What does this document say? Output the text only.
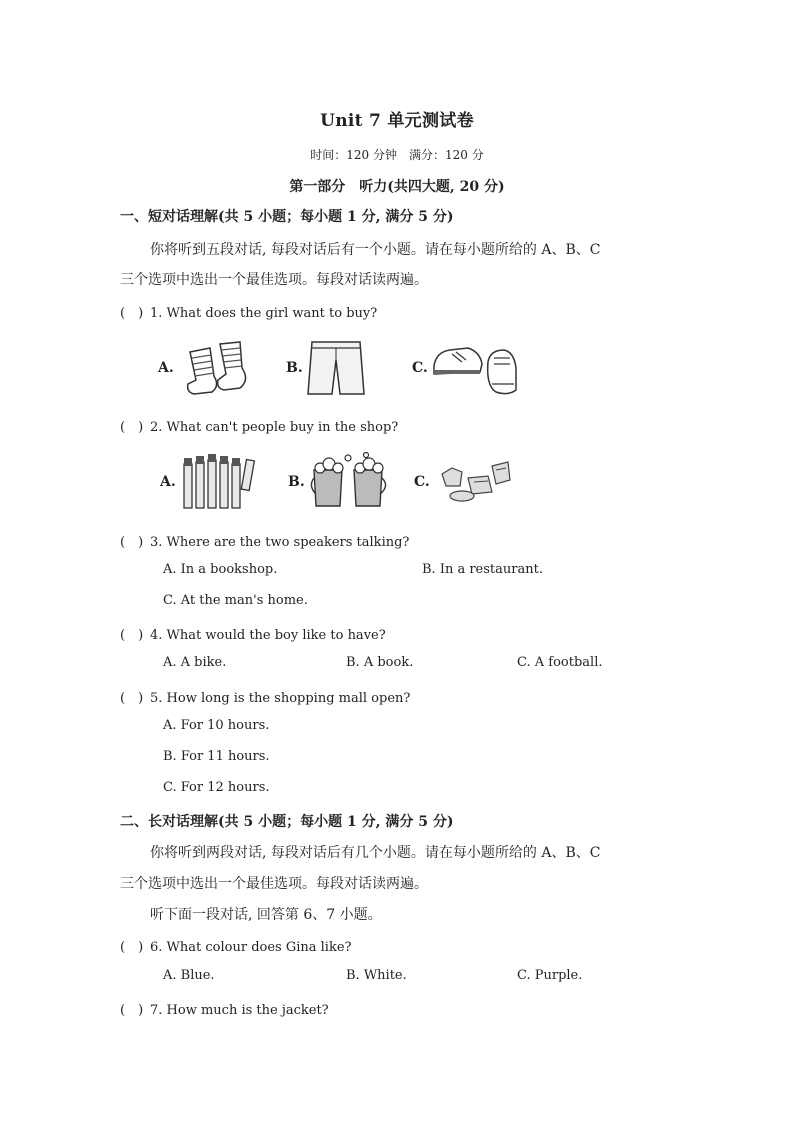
Unit 7 单元测试卷
时间：120 分钟  满分：120 分
第一部分　听力(共四大题, 20 分)
一、短对话理解(共 5 小题；每小题 1 分, 满分 5 分)
你将听到五段对话, 每段对话后有一个小题。请在每小题所给的 A、B、C
三个选项中选出一个最佳选项。每段对话读两遍。
(　) 1. What does the girl want to buy?
A.	B.	C.
(　) 2. What can't people buy in the shop?
A.	B.	C.
(　) 3. Where are the two speakers talking?
A. In a bookshop.	B. In a restaurant.
C. At the man's home.
(　) 4. What would the boy like to have?
A. A bike.	B. A book.	C. A football.
(　) 5. How long is the shopping mall open?
A. For 10 hours.
B. For 11 hours.
C. For 12 hours.
二、长对话理解(共 5 小题；每小题 1 分, 满分 5 分)
你将听到两段对话, 每段对话后有几个小题。请在每小题所给的 A、B、C
三个选项中选出一个最佳选项。每段对话读两遍。
听下面一段对话, 回答第 6、7 小题。
(　) 6. What colour does Gina like?
A. Blue.	B. White.	C. Purple.
(　) 7. How much is the jacket?
